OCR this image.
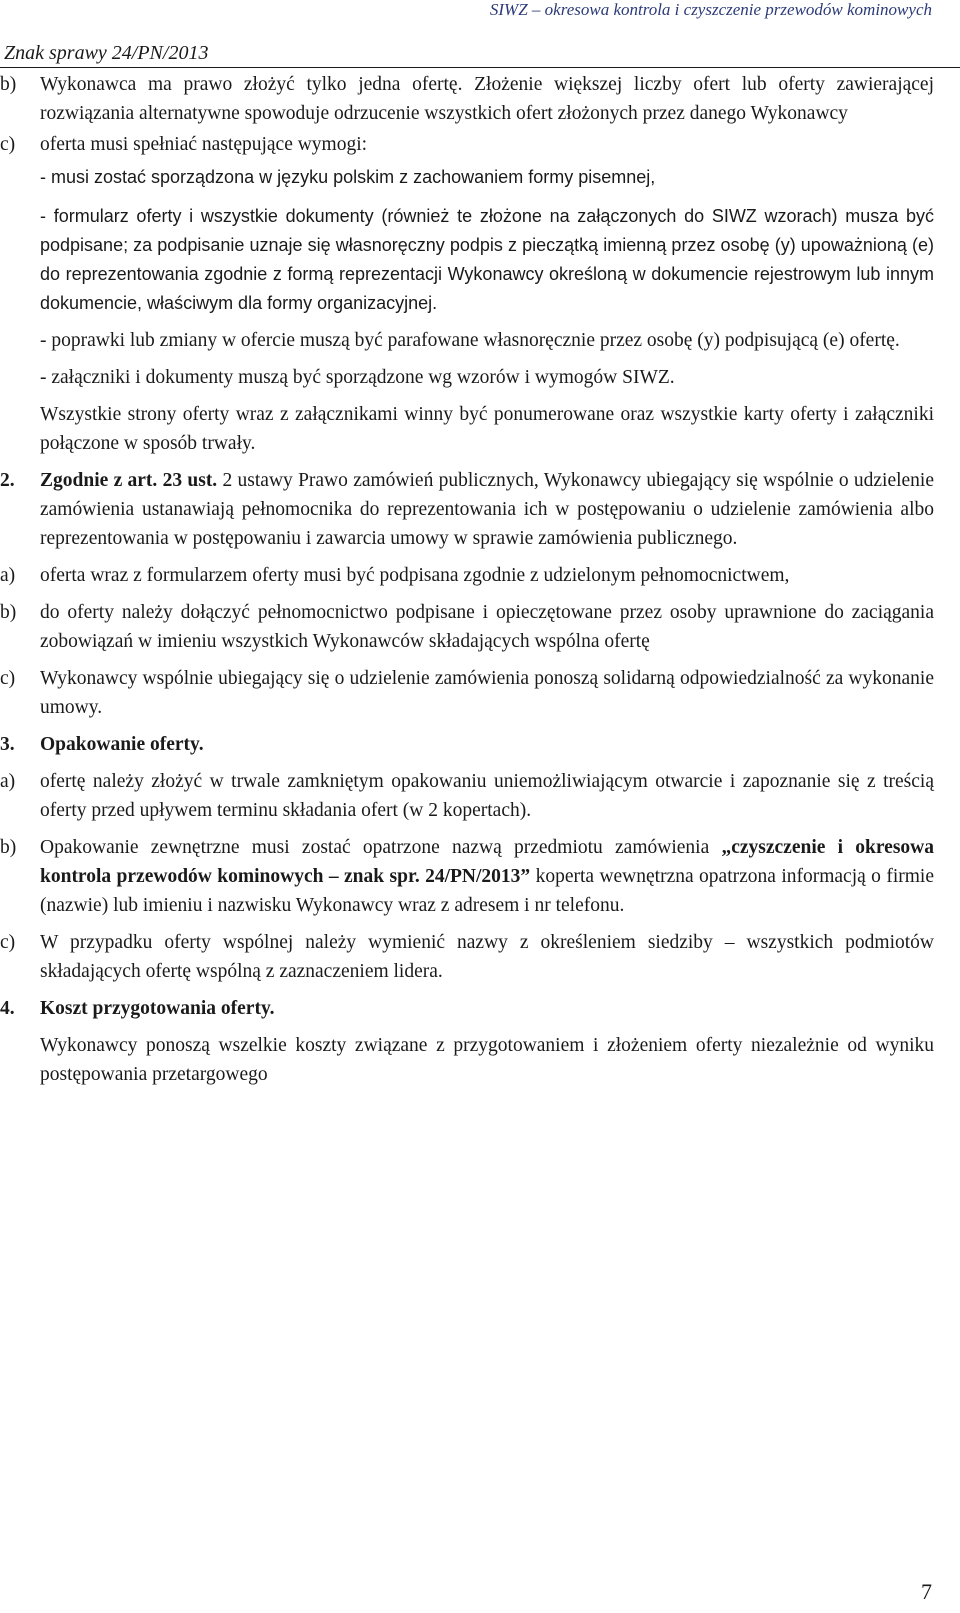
SIWZ – okresowa kontrola i czyszczenie przewodów kominowych
Znak sprawy 24/PN/2013

b) Wykonawca ma prawo złożyć tylko jedna ofertę. Złożenie większej liczby ofert lub oferty zawierającej rozwiązania alternatywne spowoduje odrzucenie wszystkich ofert złożonych przez danego Wykonawcy

c) oferta musi spełniać następujące wymogi:

- musi zostać sporządzona w języku polskim z zachowaniem formy pisemnej,

- formularz oferty i wszystkie dokumenty (również te złożone na załączonych do SIWZ wzorach) musza być podpisane; za podpisanie uznaje się własnoręczny podpis z pieczątką imienną przez osobę (y) upoważnioną (e) do reprezentowania zgodnie z formą reprezentacji Wykonawcy określoną w dokumencie rejestrowym lub innym dokumencie, właściwym dla formy organizacyjnej.

- poprawki lub zmiany w ofercie muszą być parafowane własnoręcznie przez osobę (y) podpisującą (e) ofertę.

- załączniki i dokumenty muszą być sporządzone wg wzorów i wymogów SIWZ.

Wszystkie strony oferty wraz z załącznikami winny być ponumerowane oraz wszystkie karty oferty i załączniki połączone w sposób trwały.

2. Zgodnie z art. 23 ust. 2 ustawy Prawo zamówień publicznych, Wykonawcy ubiegający się wspólnie o udzielenie zamówienia ustanawiają pełnomocnika do reprezentowania ich w postępowaniu o udzielenie zamówienia albo reprezentowania w postępowaniu i zawarcia umowy w sprawie zamówienia publicznego.

a) oferta wraz z formularzem oferty musi być podpisana zgodnie z udzielonym pełnomocnictwem,

b) do oferty należy dołączyć pełnomocnictwo podpisane i opieczętowane przez osoby uprawnione do zaciągania zobowiązań w imieniu wszystkich Wykonawców składających wspólna ofertę

c) Wykonawcy wspólnie ubiegający się o udzielenie zamówienia ponoszą solidarną odpowiedzialność za wykonanie umowy.

3. Opakowanie oferty.

a) ofertę należy złożyć w trwale zamkniętym opakowaniu uniemożliwiającym otwarcie i zapoznanie się z treścią oferty przed upływem terminu składania ofert (w 2 kopertach).

b) Opakowanie zewnętrzne musi zostać opatrzone nazwą przedmiotu zamówienia „czyszczenie i okresowa kontrola przewodów kominowych – znak spr. 24/PN/2013” koperta wewnętrzna opatrzona informacją o firmie (nazwie) lub imieniu i nazwisku Wykonawcy wraz z adresem i nr telefonu.

c) W przypadku oferty wspólnej należy wymienić nazwy z określeniem siedziby – wszystkich podmiotów składających ofertę wspólną z zaznaczeniem lidera.

4. Koszt przygotowania oferty.

Wykonawcy ponoszą wszelkie koszty związane z przygotowaniem i złożeniem oferty niezależnie od wyniku postępowania przetargowego

7
